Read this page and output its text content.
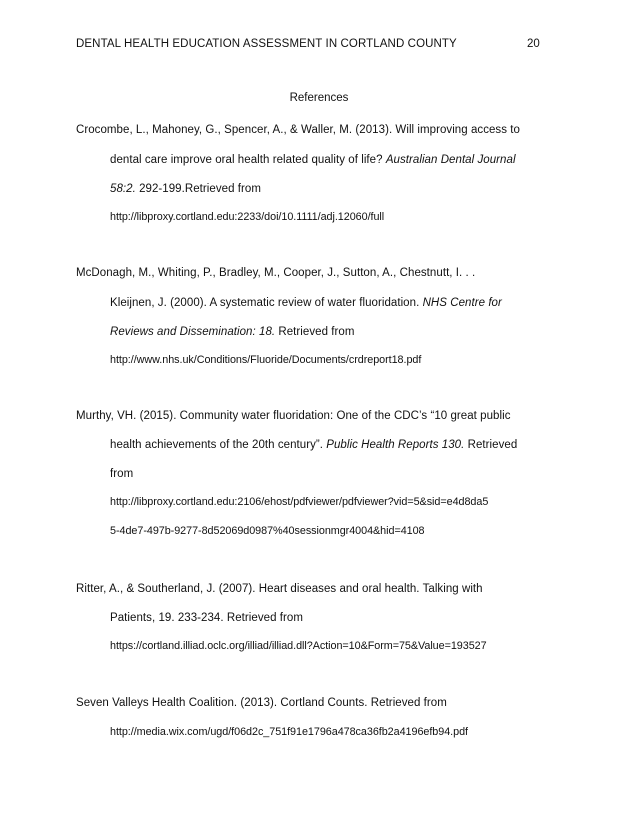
DENTAL HEALTH EDUCATION ASSESSMENT IN CORTLAND COUNTY	20
References
Crocombe, L., Mahoney, G., Spencer, A., & Waller, M. (2013). Will improving access to
dental care improve oral health related quality of life? Australian Dental Journal
58:2. 292-199.Retrieved from
http://libproxy.cortland.edu:2233/doi/10.1111/adj.12060/full
McDonagh, M., Whiting, P., Bradley, M., Cooper, J., Sutton, A., Chestnutt, I. . .
Kleijnen, J. (2000). A systematic review of water fluoridation. NHS Centre for
Reviews and Dissemination: 18. Retrieved from
http://www.nhs.uk/Conditions/Fluoride/Documents/crdreport18.pdf
Murthy, VH. (2015). Community water fluoridation: One of the CDC’s “10 great public
health achievements of the 20th century”. Public Health Reports 130. Retrieved
from
http://libproxy.cortland.edu:2106/ehost/pdfviewer/pdfviewer?vid=5&sid=e4d8da5
5-4de7-497b-9277-8d52069d0987%40sessionmgr4004&hid=4108
Ritter, A., & Southerland, J. (2007). Heart diseases and oral health. Talking with
Patients, 19. 233-234. Retrieved from
https://cortland.illiad.oclc.org/illiad/illiad.dll?Action=10&Form=75&Value=193527
Seven Valleys Health Coalition. (2013). Cortland Counts. Retrieved from
http://media.wix.com/ugd/f06d2c_751f91e1796a478ca36fb2a4196efb94.pdf
